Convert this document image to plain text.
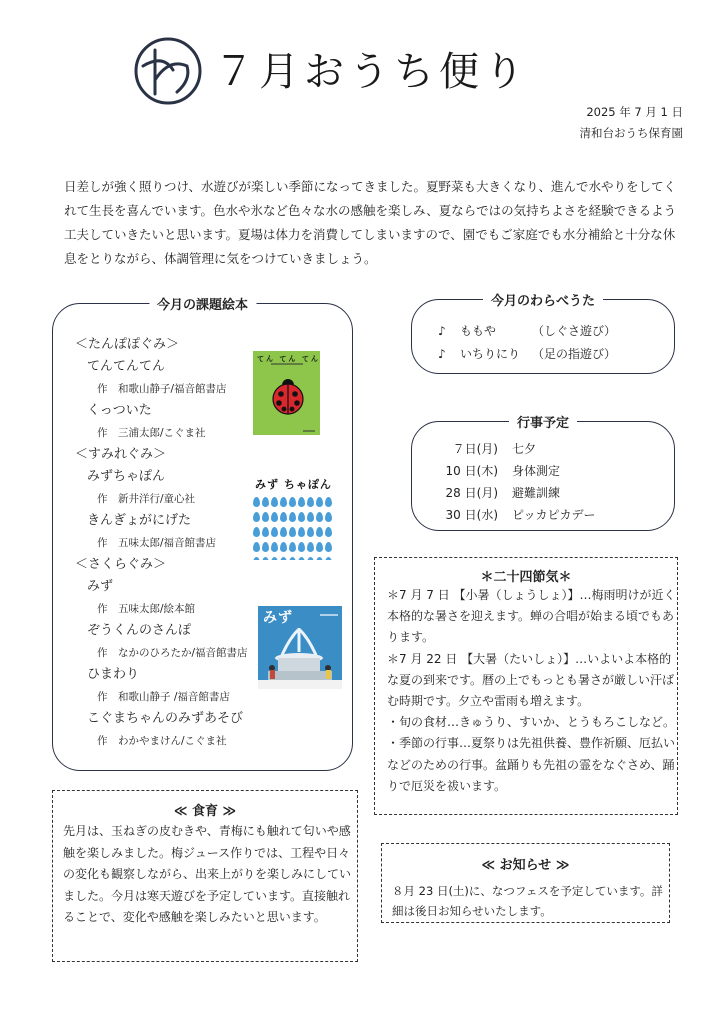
７月おうち便り
2025 年 7 月 1 日
清和台おうち保育園
日差しが強く照りつけ、水遊びが楽しい季節になってきました。夏野菜も大きくなり、進んで水やりをしてくれて生長を喜んでいます。色水や氷など色々な水の感触を楽しみ、夏ならではの気持ちよさを経験できるよう工夫していきたいと思います。夏場は体力を消費してしまいますので、園でもご家庭でも水分補給と十分な休息をとりながら、体調管理に気をつけていきましょう。
今月の課題絵本
＜たんぽぽぐみ＞
てんてんてん
作　和歌山静子/福音館書店
くっついた
作　三浦太郎/こぐま社
＜すみれぐみ＞
みずちゃぽん
作　新井洋行/童心社
きんぎょがにげた
作　五味太郎/福音館書店
＜さくらぐみ＞
みず
作　五味太郎/絵本館
ぞうくんのさんぽ
作　なかのひろたか/福音館書店
ひまわり
作　和歌山静子 /福音館書店
こぐまちゃんのみずあそび
作　わかやまけん/こぐま社
てん てん てん
みず ちゃぽん

みず
今月のわらべうた
♪ ももや	（しぐさ遊び）
♪ いちりにり （足の指遊び）
行事予定
７日(月) 七夕
10 日(木) 身体測定
28 日(月) 避難訓練
30 日(水) ピッカピカデー
＊二十四節気＊
＊7 月 7 日 【小暑（しょうしょ）】…梅雨明けが近く本格的な暑さを迎えます。蝉の合唱が始まる頃でもあります。
＊7 月 22 日 【大暑（たいしょ）】…いよいよ本格的な夏の到来です。暦の上でもっとも暑さが厳しい汗ばむ時期です。夕立や雷雨も増えます。
・旬の食材…きゅうり、すいか、とうもろこしなど。
・季節の行事…夏祭りは先祖供養、豊作祈願、厄払いなどのための行事。盆踊りも先祖の霊をなぐさめ、踊りで厄災を祓います。
≪ 食育 ≫
先月は、玉ねぎの皮むきや、青梅にも触れて匂いや感触を楽しみました。梅ジュース作りでは、工程や日々の変化も観察しながら、出来上がりを楽しみにしていました。今月は寒天遊びを予定しています。直接触れることで、変化や感触を楽しみたいと思います。
≪ お知らせ ≫
８月 23 日(土)に、なつフェスを予定しています。詳細は後日お知らせいたします。
